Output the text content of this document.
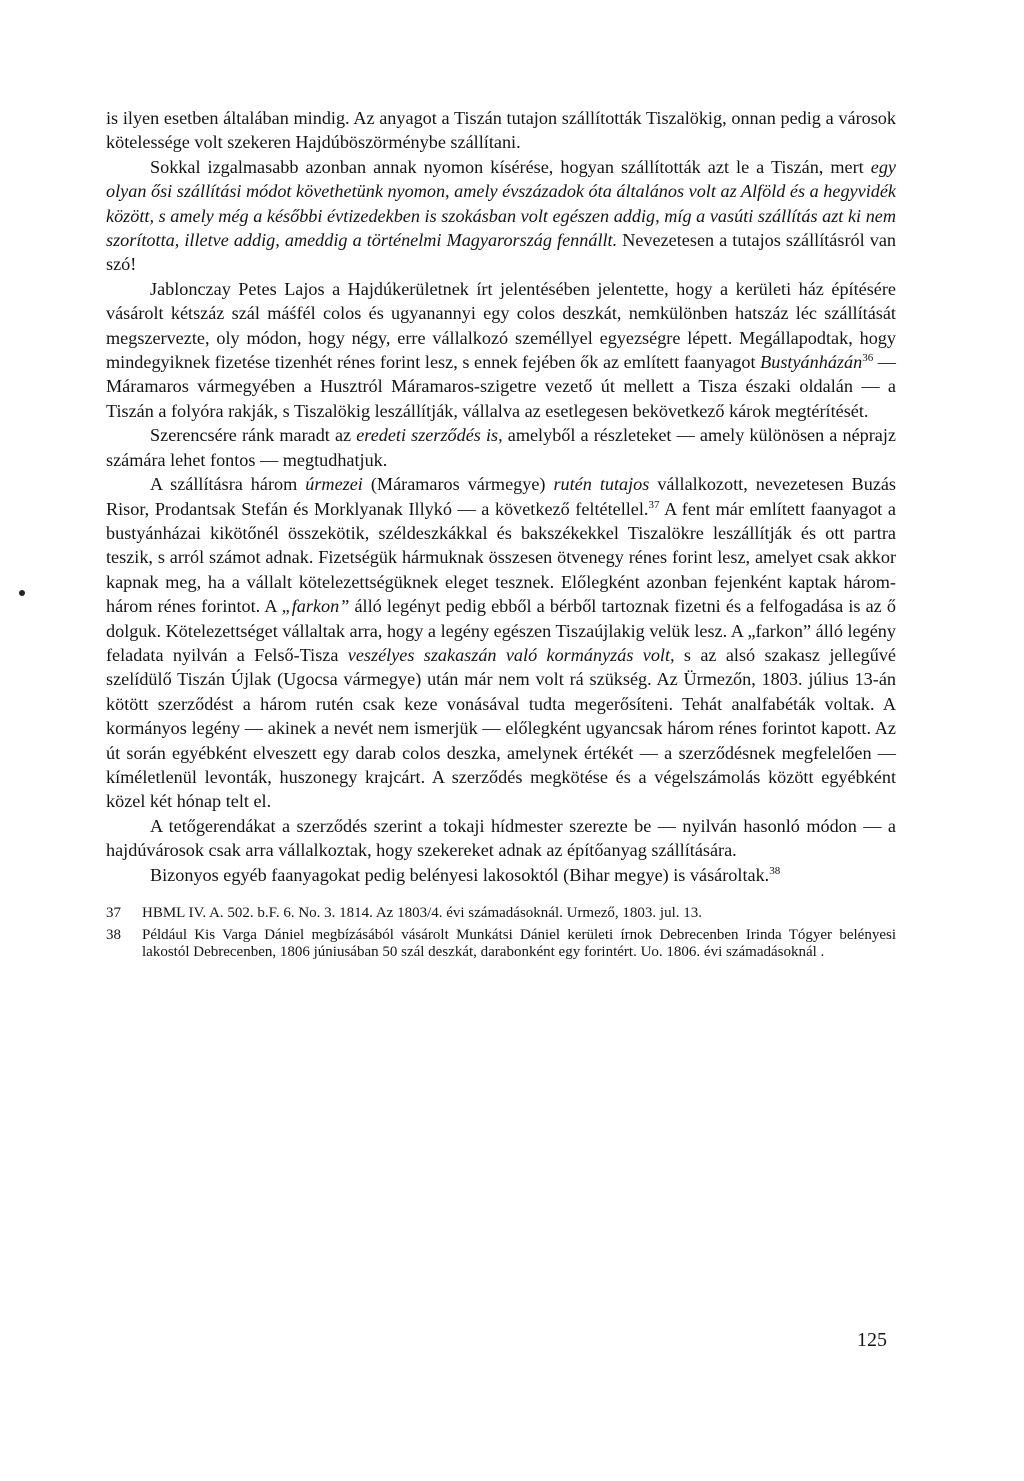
is ilyen esetben általában mindig. Az anyagot a Tiszán tutajon szállították Tiszalökig, onnan pedig a városok kötelessége volt szekeren Hajdúböszörménybe szállítani.

Sokkal izgalmasabb azonban annak nyomon kísérése, hogyan szállították azt le a Tiszán, mert egy olyan ősi szállítási módot követhetünk nyomon, amely évszázadok óta általános volt az Alföld és a hegyvidék között, s amely még a későbbi évtizedekben is szokásban volt egészen addig, míg a vasúti szállítás azt ki nem szorította, illetve addig, ameddig a történelmi Magyarország fennállt. Nevezetesen a tutajos szállításról van szó!

Jablonczay Petes Lajos a Hajdúkerületnek írt jelentésében jelentette, hogy a kerületi ház építésére vásárolt kétszáz szál máśfél colos és ugyanannyi egy colos deszkát, nemkülönben hatszáz léc szállítását megszervezte, oly módon, hogy négy, erre vállalkozó személlyel egyezségre lépett. Megállapodtak, hogy mindegyiknek fizetése tizenhét rénes forint lesz, s ennek fejében ők az említett faanyagot Bustyánházán$^{36}$ — Máramaros vármegyében a Husztról Máramaros-szigetre vezető út mellett a Tisza északi oldalán — a Tiszán a folyóra rakják, s Tiszalökig leszállítják, vállalva az esetlegesen bekövetkező károk megtérítését.

Szerencsére ránk maradt az eredeti szerződés is, amelyből a részleteket — amely különösen a néprajz számára lehet fontos — megtudhatjuk.

A szállításra három úrmezei (Máramaros vármegye) rutén tutajos vállalkozott, nevezetesen Buzás Risor, Prodantsak Stefán és Morklyanak Illykó — a következő feltétellel.$^{37}$ A fent már említett faanyagot a bustyánházai kikötőnél összekötik, széldeszkákkal és bakszékekkel Tiszalökre leszállítják és ott partra teszik, s arról számot adnak. Fizetségük hármuknak összesen ötvenegy rénes forint lesz, amelyet csak akkor kapnak meg, ha a vállalt kötelezettségüknek eleget tesznek. Előlegként azonban fejenként kaptak három-három rénes forintot. A „farkon” álló legényt pedig ebből a bérből tartoznak fizetni és a felfogadása is az ő dolguk. Kötelezettséget vállaltak arra, hogy a legény egészen Tiszaújlakig velük lesz. A „farkon” álló legény feladata nyilván a Felső-Tisza veszélyes szakaszán való kormányzás volt, s az alsó szakasz jellegűvé szelídülő Tiszán Újlak (Ugocsa vármegye) után már nem volt rá szükség. Az Ürmezőn, 1803. július 13-án kötött szerződést a három rutén csak keze vonásával tudta megerősíteni. Tehát analfabéták voltak. A kormányos legény — akinek a nevét nem ismerjük — előlegként ugyancsak három rénes forintot kapott. Az út során egyébként elveszett egy darab colos deszka, amelynek értékét — a szerződésnek megfelelően — kíméletlenül levonták, huszonegy krajcárt. A szerződés megkötése és a végelszámolás között egyébként közel két hónap telt el.

A tetőgerendákat a szerződés szerint a tokaji hídmester szerezte be — nyilván hasonló módon — a hajdúvárosok csak arra vállalkoztak, hogy szekereket adnak az építőanyag szállítására.

Bizonyos egyéb faanyagokat pedig belényesi lakosoktól (Bihar megye) is vásároltak.$^{38}$

37	HBML IV. A. 502. b.F. 6. No. 3. 1814. Az 1803/4. évi számadásoknál. Urmező, 1803. jul. 13.
38	Például Kis Varga Dániel megbízásából vásárolt Munkátsi Dániel kerületi írnok Debrecenben Irinda Tógyer belényesi lakostól Debrecenben, 1806 júniusában 50 szál deszkát, darabonként egy forintért. Uo. 1806. évi számadásoknál .
125
